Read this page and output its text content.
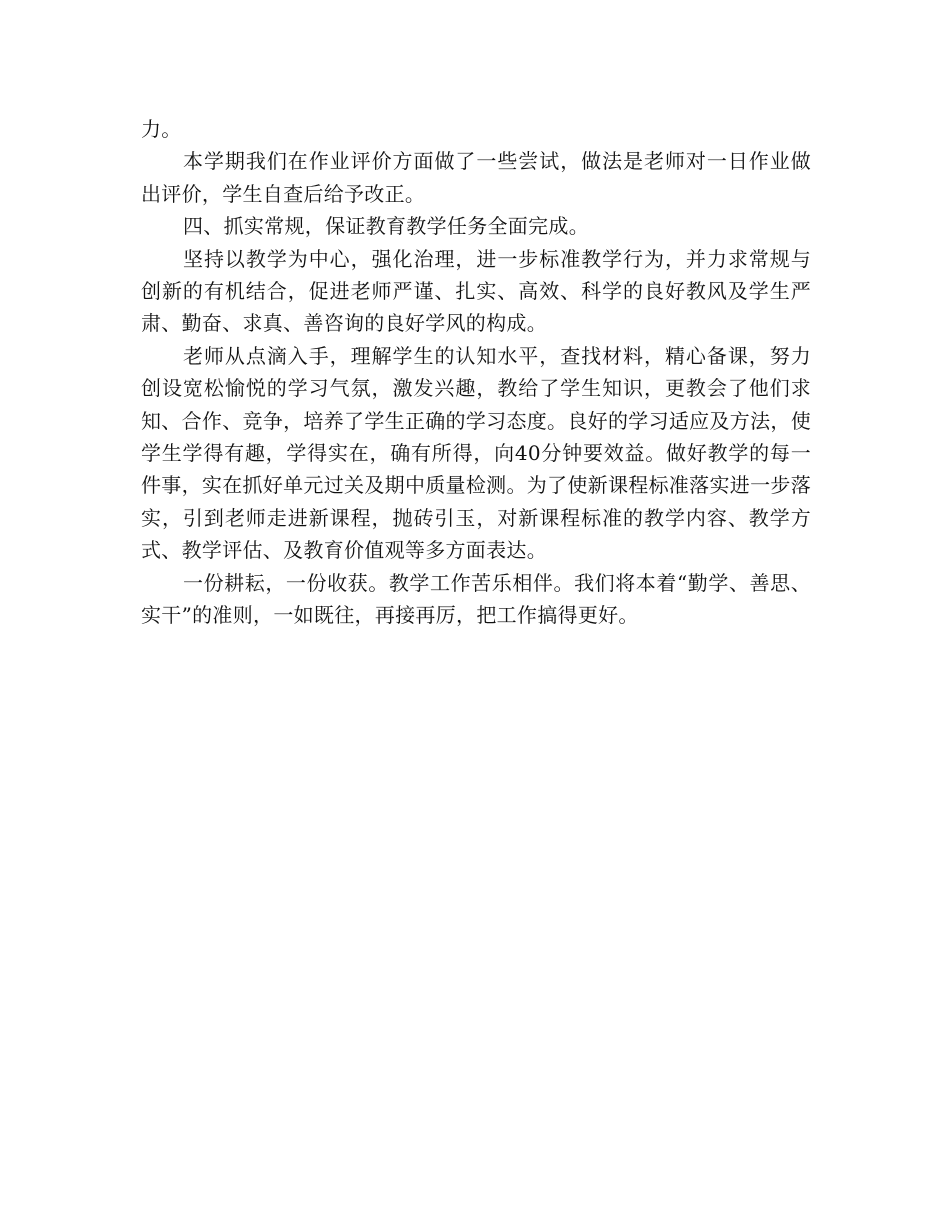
力。

本学期我们在作业评价方面做了一些尝试，做法是老师对一日作业做出评价，学生自查后给予改正。

四、抓实常规，保证教育教学任务全面完成。

坚持以教学为中心，强化治理，进一步标准教学行为，并力求常规与创新的有机结合，促进老师严谨、扎实、高效、科学的良好教风及学生严肃、勤奋、求真、善咨询的良好学风的构成。

老师从点滴入手，理解学生的认知水平，查找材料，精心备课，努力创设宽松愉悦的学习气氛，激发兴趣，教给了学生知识，更教会了他们求知、合作、竞争，培养了学生正确的学习态度。良好的学习适应及方法，使学生学得有趣，学得实在，确有所得，向40分钟要效益。做好教学的每一件事，实在抓好单元过关及期中质量检测。为了使新课程标准落实进一步落实，引到老师走进新课程，抛砖引玉，对新课程标准的教学内容、教学方式、教学评估、及教育价值观等多方面表达。

一份耕耘，一份收获。教学工作苦乐相伴。我们将本着“勤学、善思、实干”的准则，一如既往，再接再厉，把工作搞得更好。
